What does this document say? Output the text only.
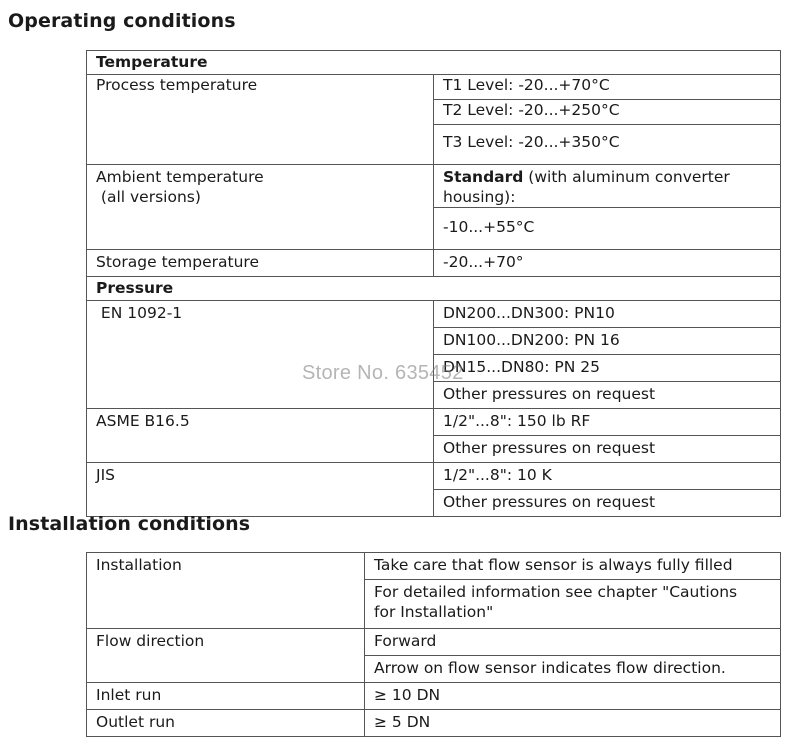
Operating conditions
Temperature	
Process temperature	T1 Level: -20...+70°C
	T2 Level: -20...+250°C
	T3 Level: -20...+350°C
Ambient temperature
(all versions)	Standard (with aluminum converter housing):
	-10...+55°C
Storage temperature	-20...+70°
Pressure	
EN 1092-1	DN200...DN300: PN10
	DN100...DN200: PN 16
	DN15...DN80: PN 25
	Other pressures on request
ASME B16.5	1/2"...8": 150 lb RF
	Other pressures on request
JIS	1/2"...8": 10 K
	Other pressures on request
Installation conditions
Installation	Take care that flow sensor is always fully filled
	For detailed information see chapter "Cautions for Installation"
Flow direction	Forward
	Arrow on flow sensor indicates flow direction.
Inlet run	≥ 10 DN
Outlet run	≥ 5 DN
Store No. 635452
